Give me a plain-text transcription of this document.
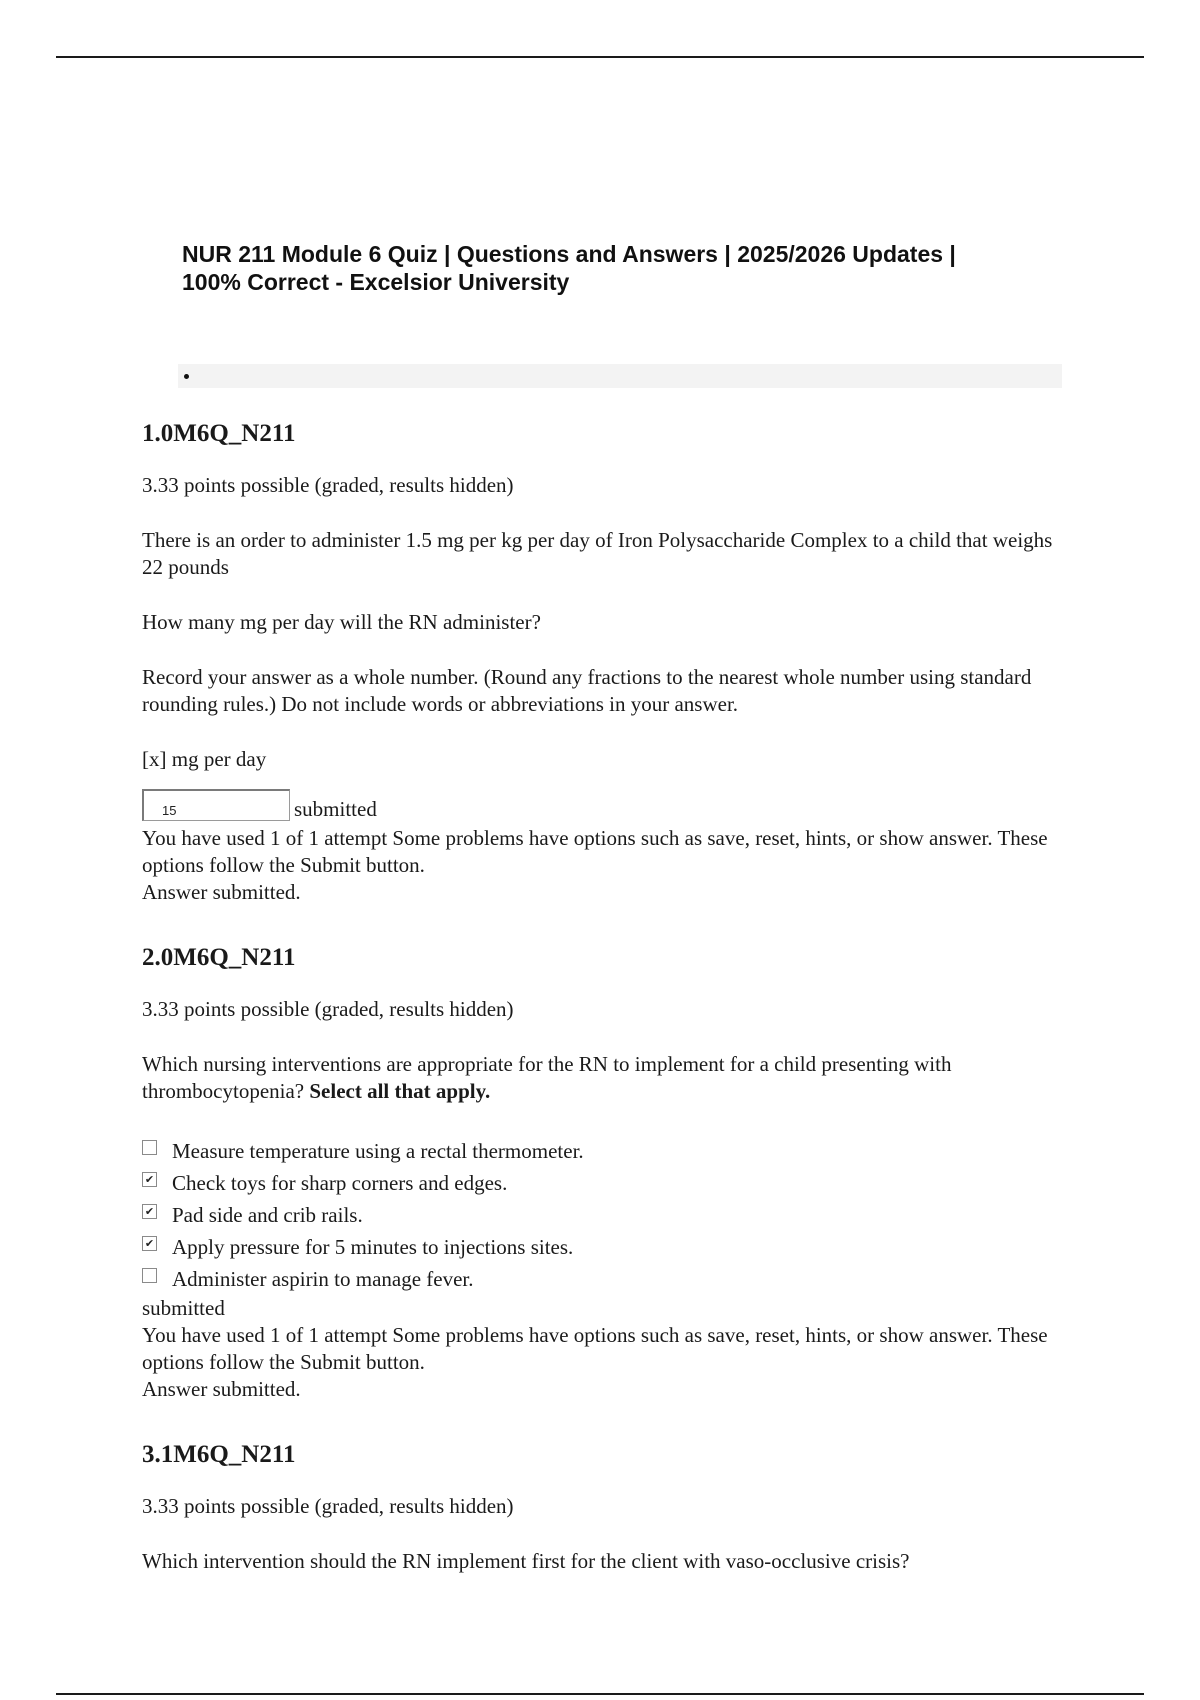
NUR 211 Module 6 Quiz | Questions and Answers | 2025/2026 Updates |
100% Correct - Excelsior University
1.0M6Q_N211

3.33 points possible (graded, results hidden)

There is an order to administer 1.5 mg per kg per day of Iron Polysaccharide Complex to a child that weighs 22 pounds

How many mg per day will the RN administer?

Record your answer as a whole number. (Round any fractions to the nearest whole number using standard rounding rules.) Do not include words or abbreviations in your answer.

[x] mg per day

15	submitted

You have used 1 of 1 attempt Some problems have options such as save, reset, hints, or show answer. These options follow the Submit button.

Answer submitted.

2.0M6Q_N211

3.33 points possible (graded, results hidden)

Which nursing interventions are appropriate for the RN to implement for a child presenting with thrombocytopenia? Select all that apply.

Measure temperature using a rectal thermometer.
✔ Check toys for sharp corners and edges.
✔ Pad side and crib rails.
✔ Apply pressure for 5 minutes to injections sites.
Administer aspirin to manage fever.

submitted

You have used 1 of 1 attempt Some problems have options such as save, reset, hints, or show answer. These options follow the Submit button.

Answer submitted.

3.1M6Q_N211

3.33 points possible (graded, results hidden)

Which intervention should the RN implement first for the client with vaso-occlusive crisis?
